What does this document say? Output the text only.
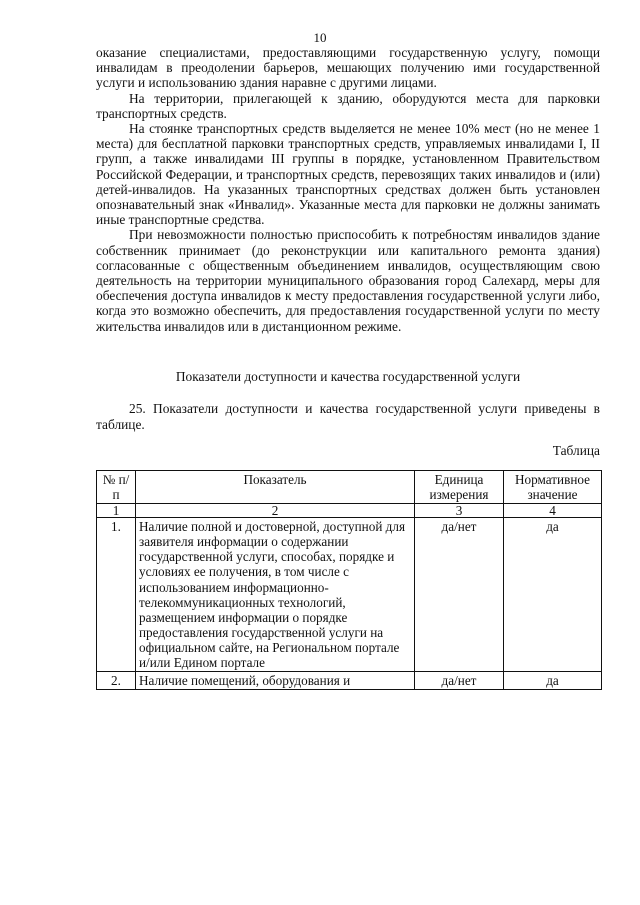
10

оказание специалистами, предоставляющими государственную услугу, помощи инвалидам в преодолении барьеров, мешающих получению ими государственной услуги и использованию здания наравне с другими лицами.

На территории, прилегающей к зданию, оборудуются места для парковки транспортных средств.

На стоянке транспортных средств выделяется не менее 10% мест (но не менее 1 места) для бесплатной парковки транспортных средств, управляемых инвалидами I, II групп, а также инвалидами III группы в порядке, установленном Правительством Российской Федерации, и транспортных средств, перевозящих таких инвалидов и (или) детей-инвалидов. На указанных транспортных средствах должен быть установлен опознавательный знак «Инвалид». Указанные места для парковки не должны занимать иные транспортные средства.

При невозможности полностью приспособить к потребностям инвалидов здание собственник принимает (до реконструкции или капитального ремонта здания) согласованные с общественным объединением инвалидов, осуществляющим свою деятельность на территории муниципального образования город Салехард, меры для обеспечения доступа инвалидов к месту предоставления государственной услуги либо, когда это возможно обеспечить, для предоставления государственной услуги по месту жительства инвалидов или в дистанционном режиме.

Показатели доступности и качества государственной услуги
25. Показатели доступности и качества государственной услуги приведены в таблице.
Таблица
№ п/п	Показатель	Единица измерения	Нормативное значение
1	2	3	4
1.	Наличие полной и достоверной, доступной для заявителя информации о содержании государственной услуги, способах, порядке и условиях ее получения, в том числе с использованием информационно-телекоммуникационных технологий, размещением информации о порядке предоставления государственной услуги на официальном сайте, на Региональном портале и/или Едином портале	да/нет	да
2.	Наличие помещений, оборудования и	да/нет	да
